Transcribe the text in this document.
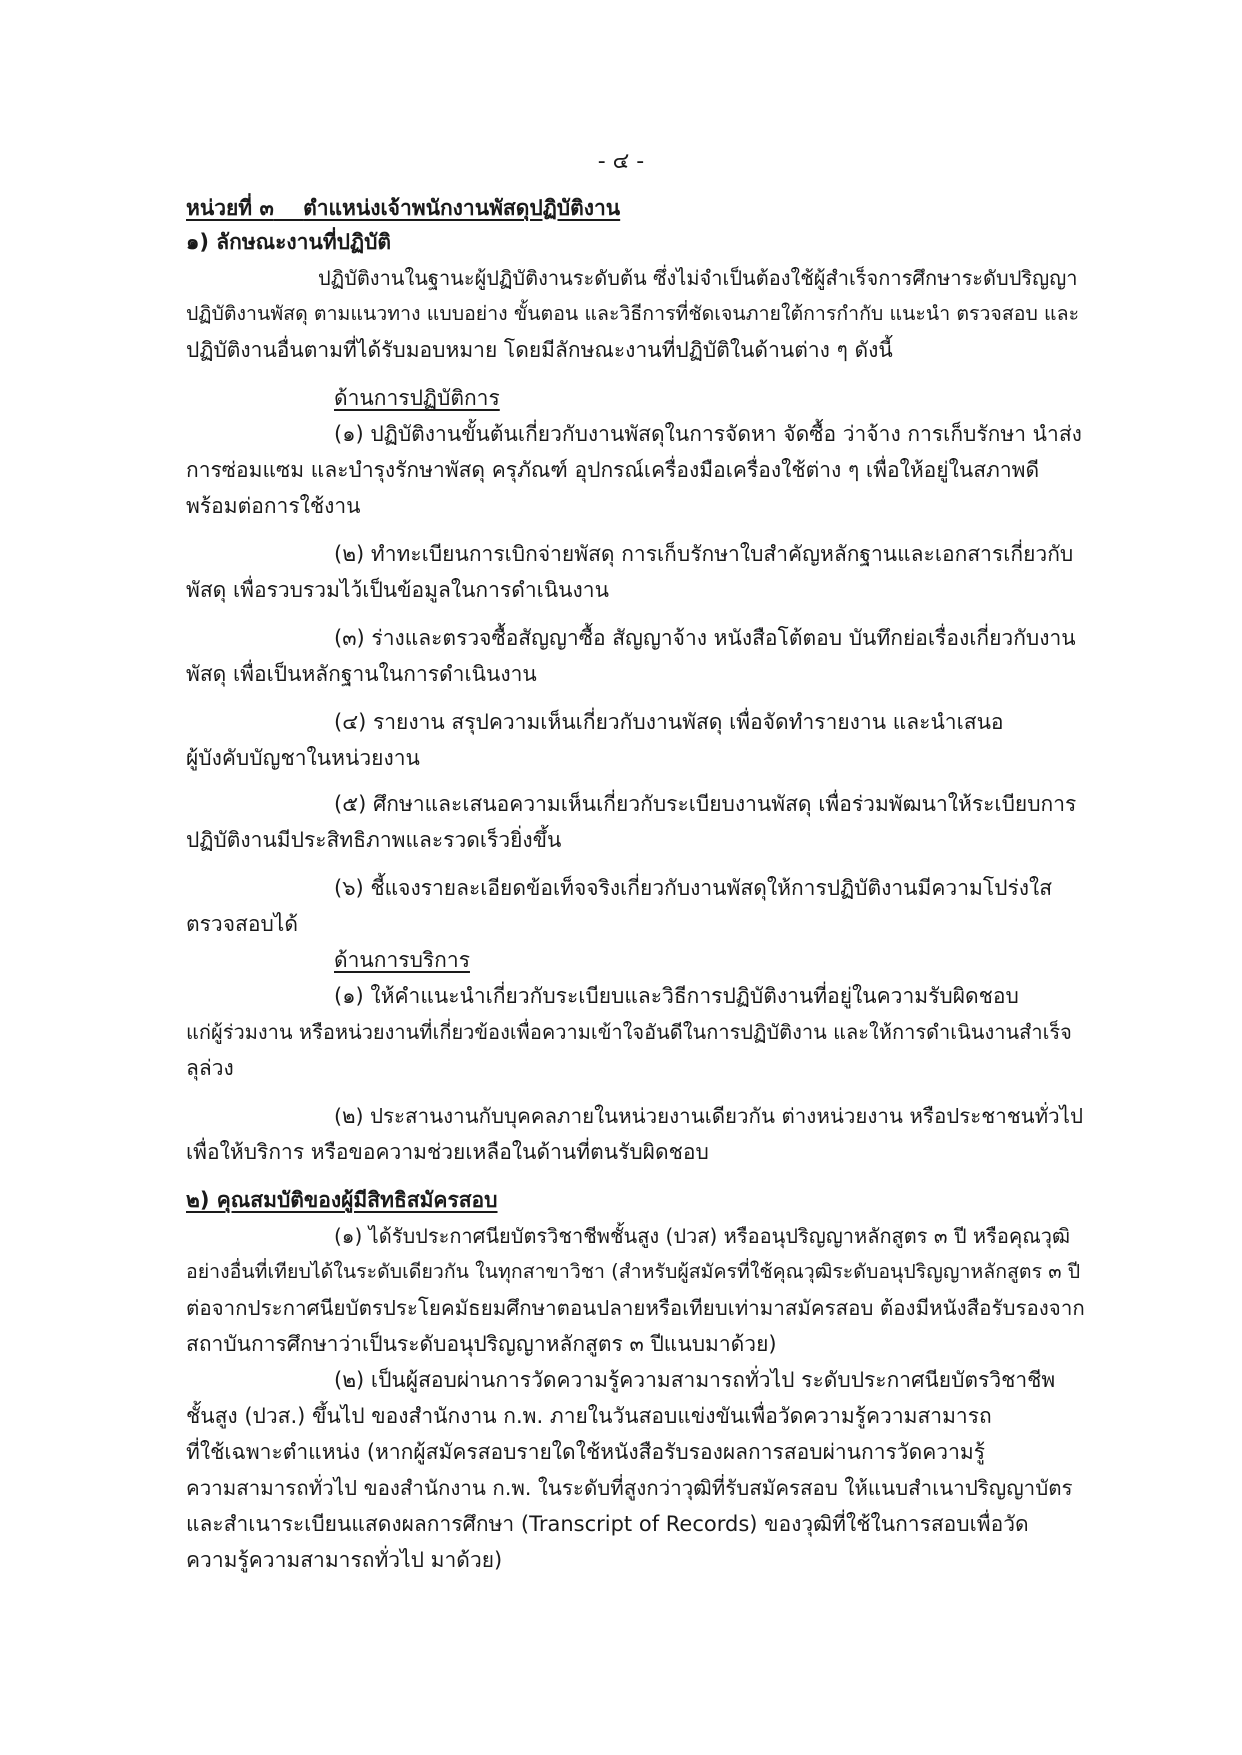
- ๔ -
หน่วยที่ ๓ ตำแหน่งเจ้าพนักงานพัสดุปฏิบัติงาน
๑) ลักษณะงานที่ปฏิบัติ
ปฏิบัติงานในฐานะผู้ปฏิบัติงานระดับต้น ซึ่งไม่จำเป็นต้องใช้ผู้สำเร็จการศึกษาระดับปริญญา
ปฏิบัติงานพัสดุ ตามแนวทาง แบบอย่าง ขั้นตอน และวิธีการที่ชัดเจนภายใต้การกำกับ แนะนำ ตรวจสอบ และ
ปฏิบัติงานอื่นตามที่ได้รับมอบหมาย โดยมีลักษณะงานที่ปฏิบัติในด้านต่าง ๆ ดังนี้
ด้านการปฏิบัติการ
(๑) ปฏิบัติงานขั้นต้นเกี่ยวกับงานพัสดุในการจัดหา จัดซื้อ ว่าจ้าง การเก็บรักษา นำส่ง
การซ่อมแซม และบำรุงรักษาพัสดุ ครุภัณฑ์ อุปกรณ์เครื่องมือเครื่องใช้ต่าง ๆ เพื่อให้อยู่ในสภาพดี
พร้อมต่อการใช้งาน
(๒) ทำทะเบียนการเบิกจ่ายพัสดุ การเก็บรักษาใบสำคัญหลักฐานและเอกสารเกี่ยวกับ
พัสดุ เพื่อรวบรวมไว้เป็นข้อมูลในการดำเนินงาน
(๓) ร่างและตรวจซื้อสัญญาซื้อ สัญญาจ้าง หนังสือโต้ตอบ บันทึกย่อเรื่องเกี่ยวกับงาน
พัสดุ เพื่อเป็นหลักฐานในการดำเนินงาน
(๔) รายงาน สรุปความเห็นเกี่ยวกับงานพัสดุ เพื่อจัดทำรายงาน และนำเสนอ
ผู้บังคับบัญชาในหน่วยงาน
(๕) ศึกษาและเสนอความเห็นเกี่ยวกับระเบียบงานพัสดุ เพื่อร่วมพัฒนาให้ระเบียบการ
ปฏิบัติงานมีประสิทธิภาพและรวดเร็วยิ่งขึ้น
(๖) ชี้แจงรายละเอียดข้อเท็จจริงเกี่ยวกับงานพัสดุให้การปฏิบัติงานมีความโปร่งใส
ตรวจสอบได้
ด้านการบริการ
(๑) ให้คำแนะนำเกี่ยวกับระเบียบและวิธีการปฏิบัติงานที่อยู่ในความรับผิดชอบ
แก่ผู้ร่วมงาน หรือหน่วยงานที่เกี่ยวข้องเพื่อความเข้าใจอันดีในการปฏิบัติงาน และให้การดำเนินงานสำเร็จ
ลุล่วง
(๒) ประสานงานกับบุคคลภายในหน่วยงานเดียวกัน ต่างหน่วยงาน หรือประชาชนทั่วไป
เพื่อให้บริการ หรือขอความช่วยเหลือในด้านที่ตนรับผิดชอบ
๒) คุณสมบัติของผู้มีสิทธิสมัครสอบ
(๑) ได้รับประกาศนียบัตรวิชาชีพชั้นสูง (ปวส) หรืออนุปริญญาหลักสูตร ๓ ปี หรือคุณวุฒิ
อย่างอื่นที่เทียบได้ในระดับเดียวกัน ในทุกสาขาวิชา (สำหรับผู้สมัครที่ใช้คุณวุฒิระดับอนุปริญญาหลักสูตร ๓ ปี
ต่อจากประกาศนียบัตรประโยคมัธยมศึกษาตอนปลายหรือเทียบเท่ามาสมัครสอบ ต้องมีหนังสือรับรองจาก
สถาบันการศึกษาว่าเป็นระดับอนุปริญญาหลักสูตร ๓ ปีแนบมาด้วย)
(๒) เป็นผู้สอบผ่านการวัดความรู้ความสามารถทั่วไป ระดับประกาศนียบัตรวิชาชีพ
ชั้นสูง (ปวส.) ขึ้นไป ของสำนักงาน ก.พ. ภายในวันสอบแข่งขันเพื่อวัดความรู้ความสามารถ
ที่ใช้เฉพาะตำแหน่ง (หากผู้สมัครสอบรายใดใช้หนังสือรับรองผลการสอบผ่านการวัดความรู้
ความสามารถทั่วไป ของสำนักงาน ก.พ. ในระดับที่สูงกว่าวุฒิที่รับสมัครสอบ ให้แนบสำเนาปริญญาบัตร
และสำเนาระเบียนแสดงผลการศึกษา (Transcript of Records) ของวุฒิที่ใช้ในการสอบเพื่อวัด
ความรู้ความสามารถทั่วไป มาด้วย)
